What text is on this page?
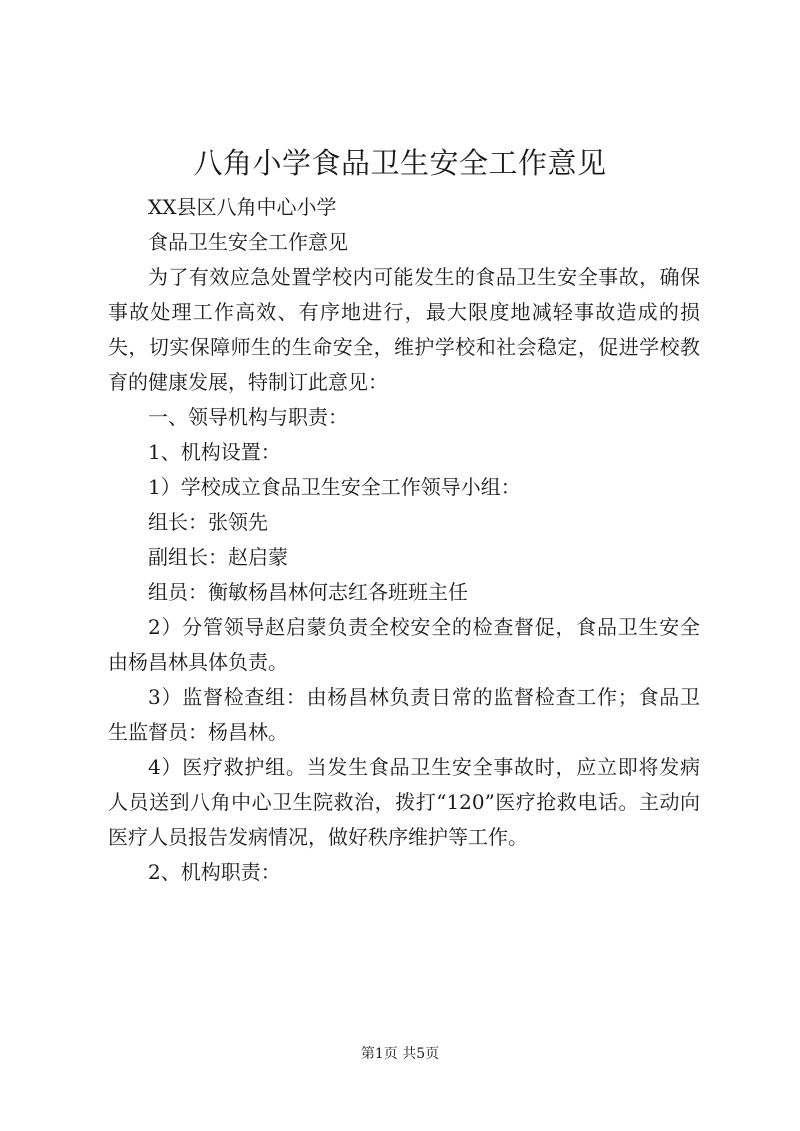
八角小学食品卫生安全工作意见

XX县区八角中心小学

食品卫生安全工作意见

为了有效应急处置学校内可能发生的食品卫生安全事故，确保事故处理工作高效、有序地进行，最大限度地减轻事故造成的损失，切实保障师生的生命安全，维护学校和社会稳定，促进学校教育的健康发展，特制订此意见：

一、领导机构与职责：

1、机构设置：

1）学校成立食品卫生安全工作领导小组：

组长：张领先

副组长：赵启蒙

组员：衡敏杨昌林何志红各班班主任

2）分管领导赵启蒙负责全校安全的检查督促，食品卫生安全由杨昌林具体负责。

3）监督检查组：由杨昌林负责日常的监督检查工作；食品卫生监督员：杨昌林。

4）医疗救护组。当发生食品卫生安全事故时，应立即将发病人员送到八角中心卫生院救治，拨打“120”医疗抢救电话。主动向医疗人员报告发病情况，做好秩序维护等工作。

2、机构职责：

第1页 共5页
